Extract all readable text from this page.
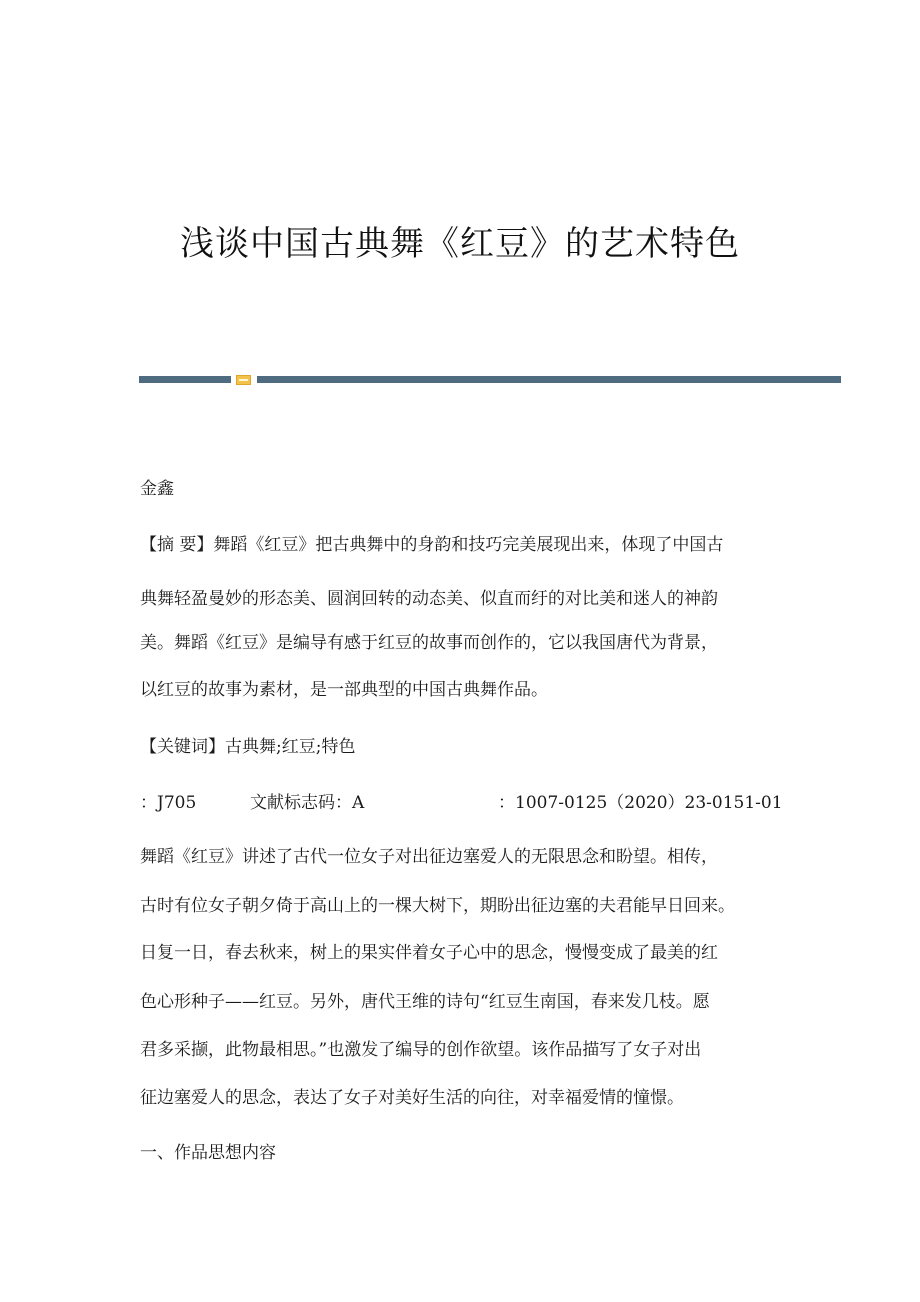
浅谈中国古典舞《红豆》的艺术特色
金鑫
【摘 要】舞蹈《红豆》把古典舞中的身韵和技巧完美展现出来，体现了中国古
典舞轻盈曼妙的形态美、圆润回转的动态美、似直而纡的对比美和迷人的神韵
美。舞蹈《红豆》是编导有感于红豆的故事而创作的，它以我国唐代为背景，
以红豆的故事为素材，是一部典型的中国古典舞作品。
【关键词】古典舞;红豆;特色
：J705	文献标志码：A	：1007-0125（2020）23-0151-01
舞蹈《红豆》讲述了古代一位女子对出征边塞爱人的无限思念和盼望。相传，
古时有位女子朝夕倚于高山上的一棵大树下，期盼出征边塞的夫君能早日回来。
日复一日，春去秋来，树上的果实伴着女子心中的思念，慢慢变成了最美的红
色心形种子——红豆。另外，唐代王维的诗句“红豆生南国，春来发几枝。愿
君多采撷，此物最相思。”也激发了编导的创作欲望。该作品描写了女子对出
征边塞爱人的思念，表达了女子对美好生活的向往，对幸福爱情的憧憬。
一、作品思想内容
